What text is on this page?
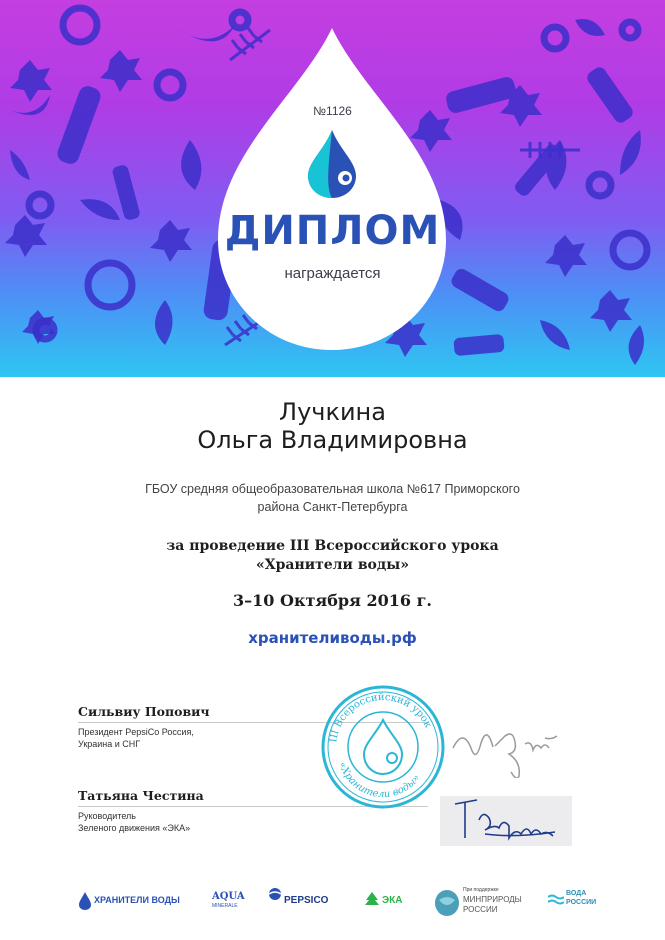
№1126
ДИПЛОМ
награждается
Лучкина
Ольга Владимировна
ГБОУ средняя общеобразовательная школа №617 Приморского
района Санкт-Петербурга
за проведение III Всероссийского урока
«Хранители воды»
3–10 Октября 2016 г.
хранителиводы.рф
Сильвиу Попович
Президент PepsiCo Россия,
Украина и СНГ
Татьяна Честина
Руководитель
Зеленого движения «ЭКА»
III Всероссийский урок
«Хранители воды»
ХРАНИТЕЛИ ВОДЫ	AQUA
MINERALE	PEPSICO	ЭКА
При поддержке
МИНПРИРОДЫ
РОССИИ
ВОДА
РОССИИ
